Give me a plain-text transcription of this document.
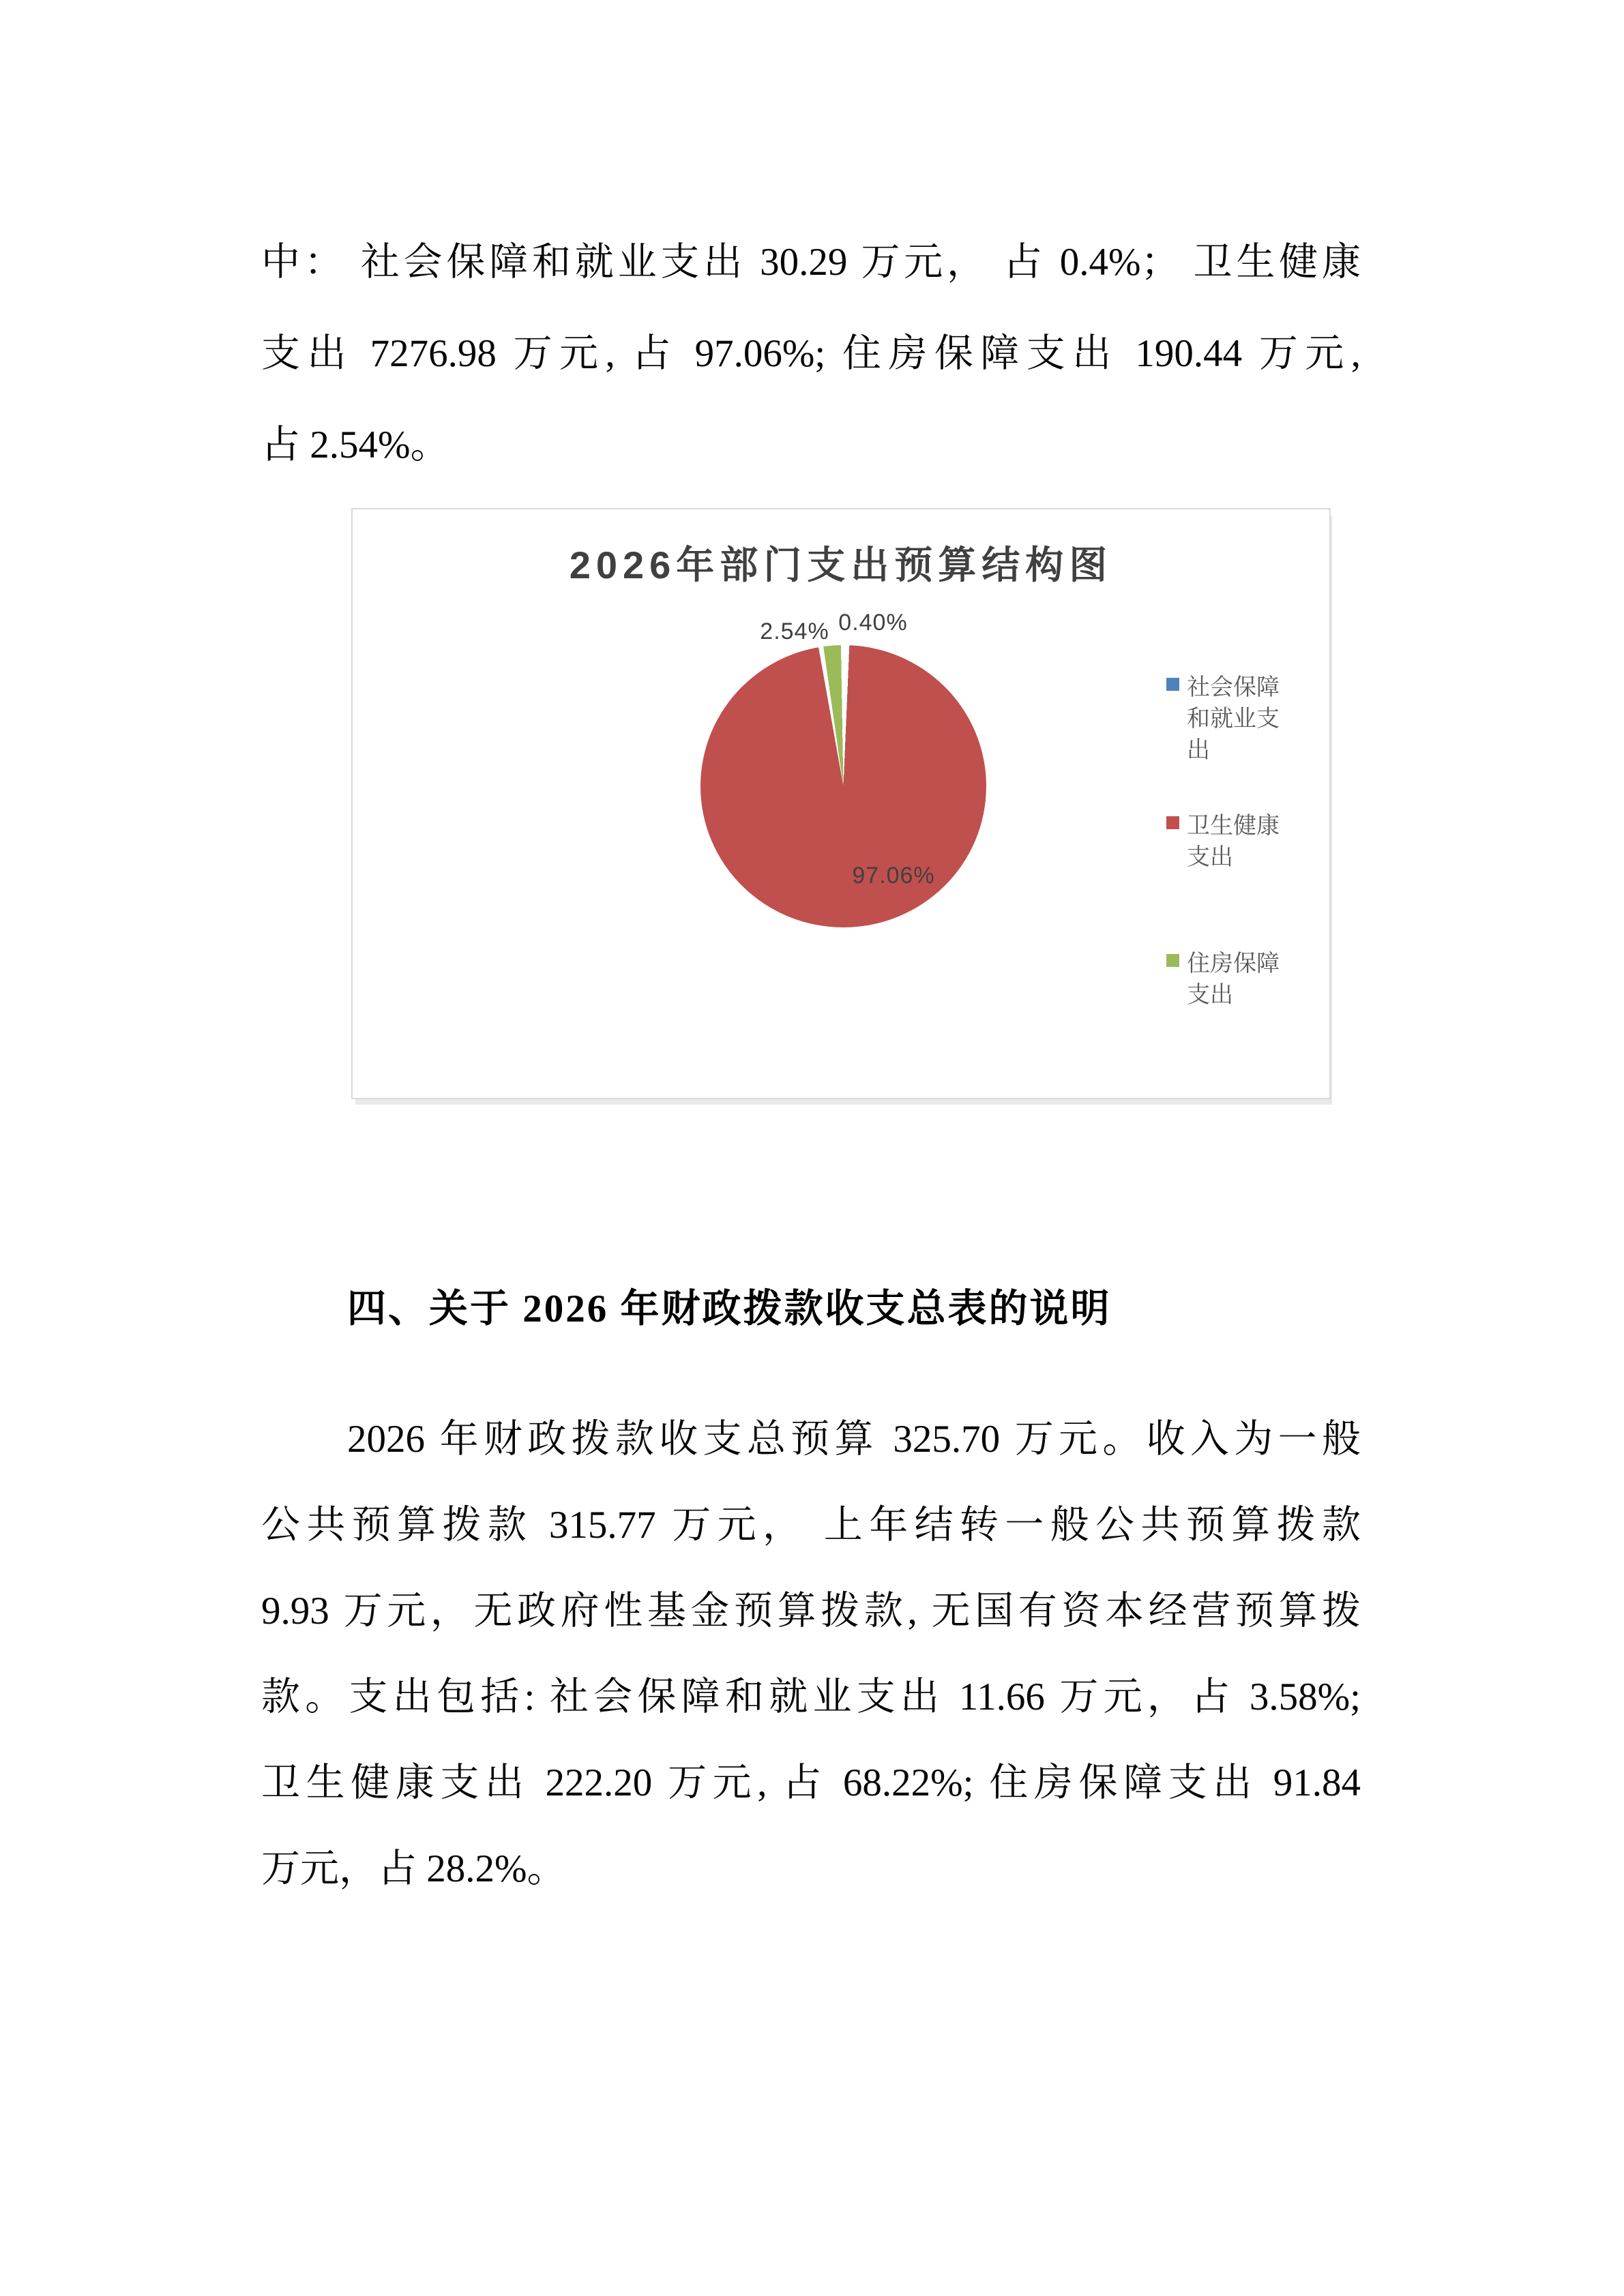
中： 社会保障和就业支出 30.29 万元， 占 0.4%； 卫生健康
支出 7276.98 万元, 占 97.06%; 住房保障支出 190.44 万元,
占 2.54%。
2026年部门支出预算结构图
2.54% 0.40%
97.06%
社会保障和就业支出
卫生健康支出
住房保障支出
四、关于 2026 年财政拨款收支总表的说明
2026 年财政拨款收支总预算 325.70 万元。收入为一般
公共预算拨款 315.77 万元， 上年结转一般公共预算拨款
9.93 万元，无政府性基金预算拨款, 无国有资本经营预算拨
款。支出包括: 社会保障和就业支出 11.66 万元，占 3.58%;
卫生健康支出 222.20 万元, 占 68.22%; 住房保障支出 91.84
万元，占 28.2%。
